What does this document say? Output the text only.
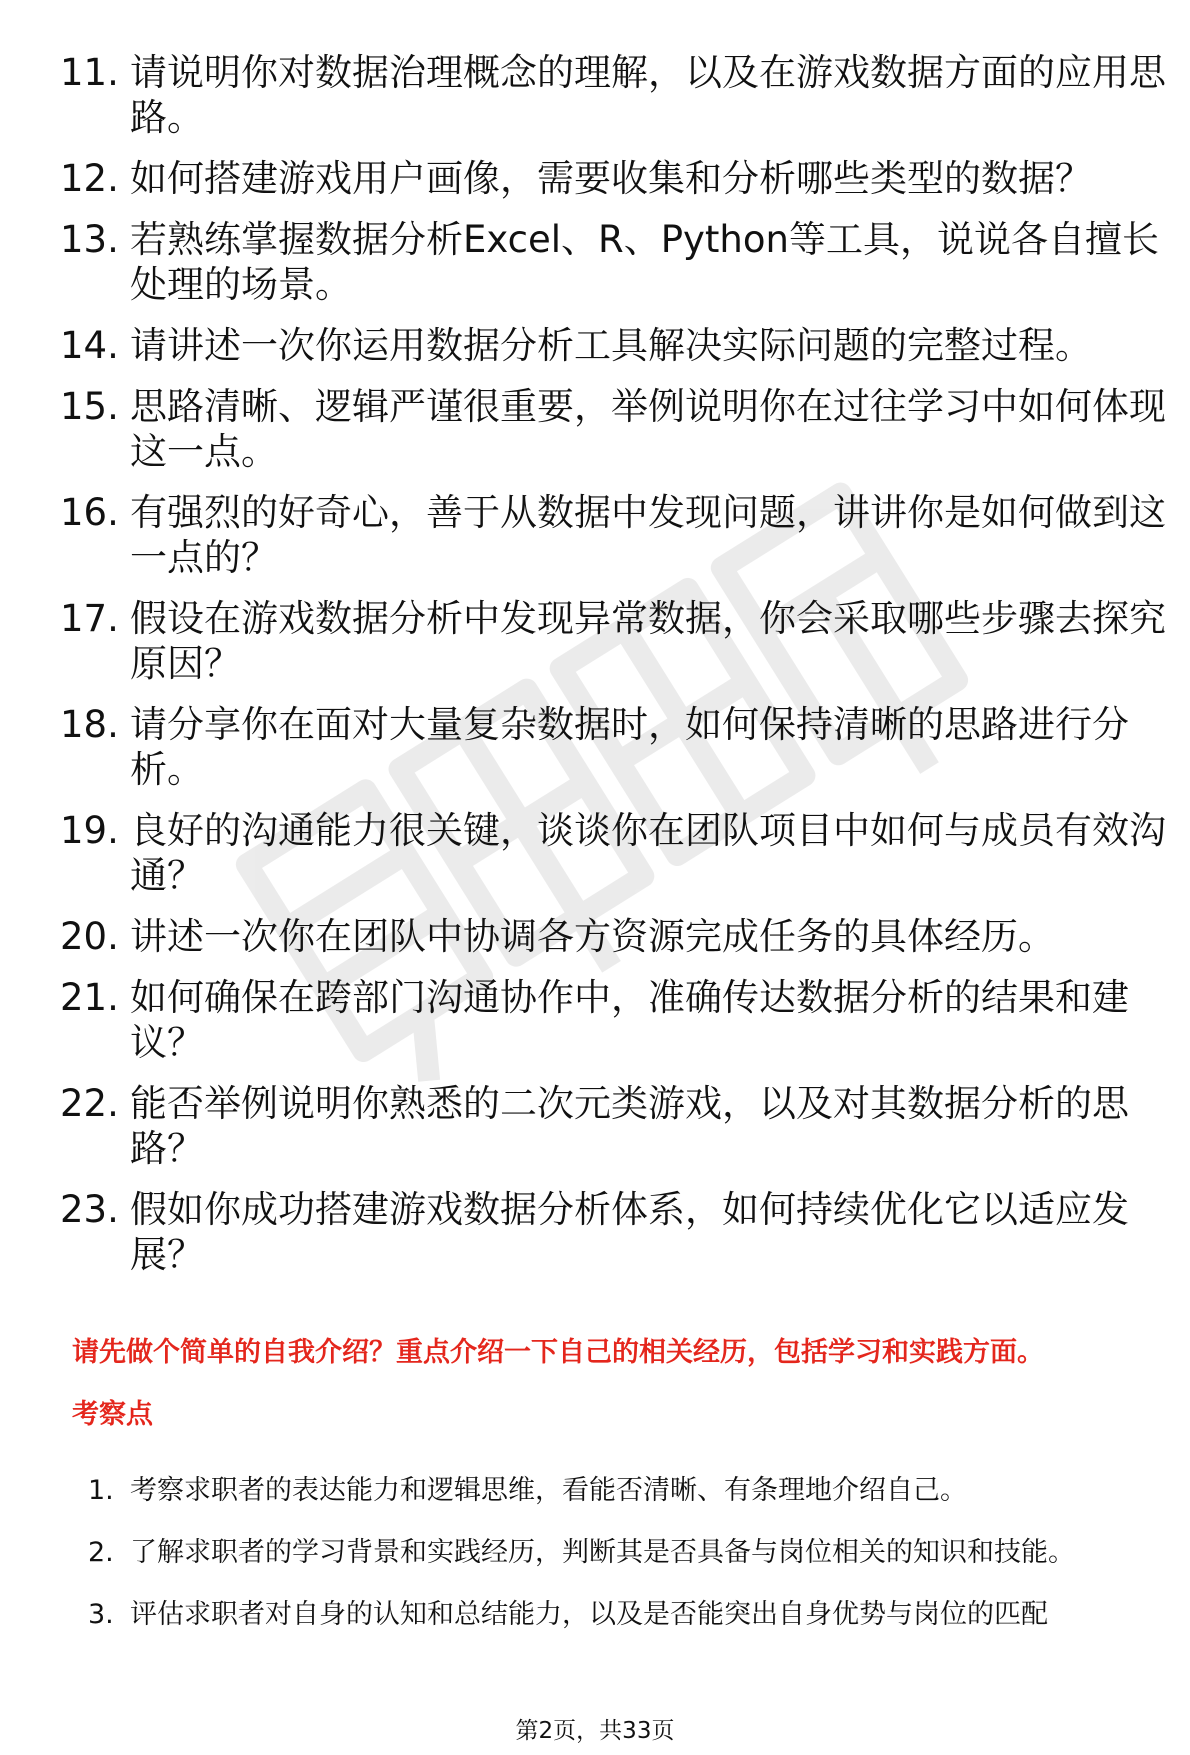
11. 请说明你对数据治理概念的理解，以及在游戏数据方面的应用思路。
12. 如何搭建游戏用户画像，需要收集和分析哪些类型的数据？
13. 若熟练掌握数据分析Excel、R、Python等工具，说说各自擅长处理的场景。
14. 请讲述一次你运用数据分析工具解决实际问题的完整过程。
15. 思路清晰、逻辑严谨很重要，举例说明你在过往学习中如何体现这一点。
16. 有强烈的好奇心，善于从数据中发现问题，讲讲你是如何做到这一点的？
17. 假设在游戏数据分析中发现异常数据，你会采取哪些步骤去探究原因？
18. 请分享你在面对大量复杂数据时，如何保持清晰的思路进行分析。
19. 良好的沟通能力很关键，谈谈你在团队项目中如何与成员有效沟通？
20. 讲述一次你在团队中协调各方资源完成任务的具体经历。
21. 如何确保在跨部门沟通协作中，准确传达数据分析的结果和建议？
22. 能否举例说明你熟悉的二次元类游戏，以及对其数据分析的思路？
23. 假如你成功搭建游戏数据分析体系，如何持续优化它以适应发展？
请先做个简单的自我介绍？重点介绍一下自己的相关经历，包括学习和实践方面。
考察点
1. 考察求职者的表达能力和逻辑思维，看能否清晰、有条理地介绍自己。
2. 了解求职者的学习背景和实践经历，判断其是否具备与岗位相关的知识和技能。
3. 评估求职者对自身的认知和总结能力，以及是否能突出自身优势与岗位的匹配
第2页，共33页
